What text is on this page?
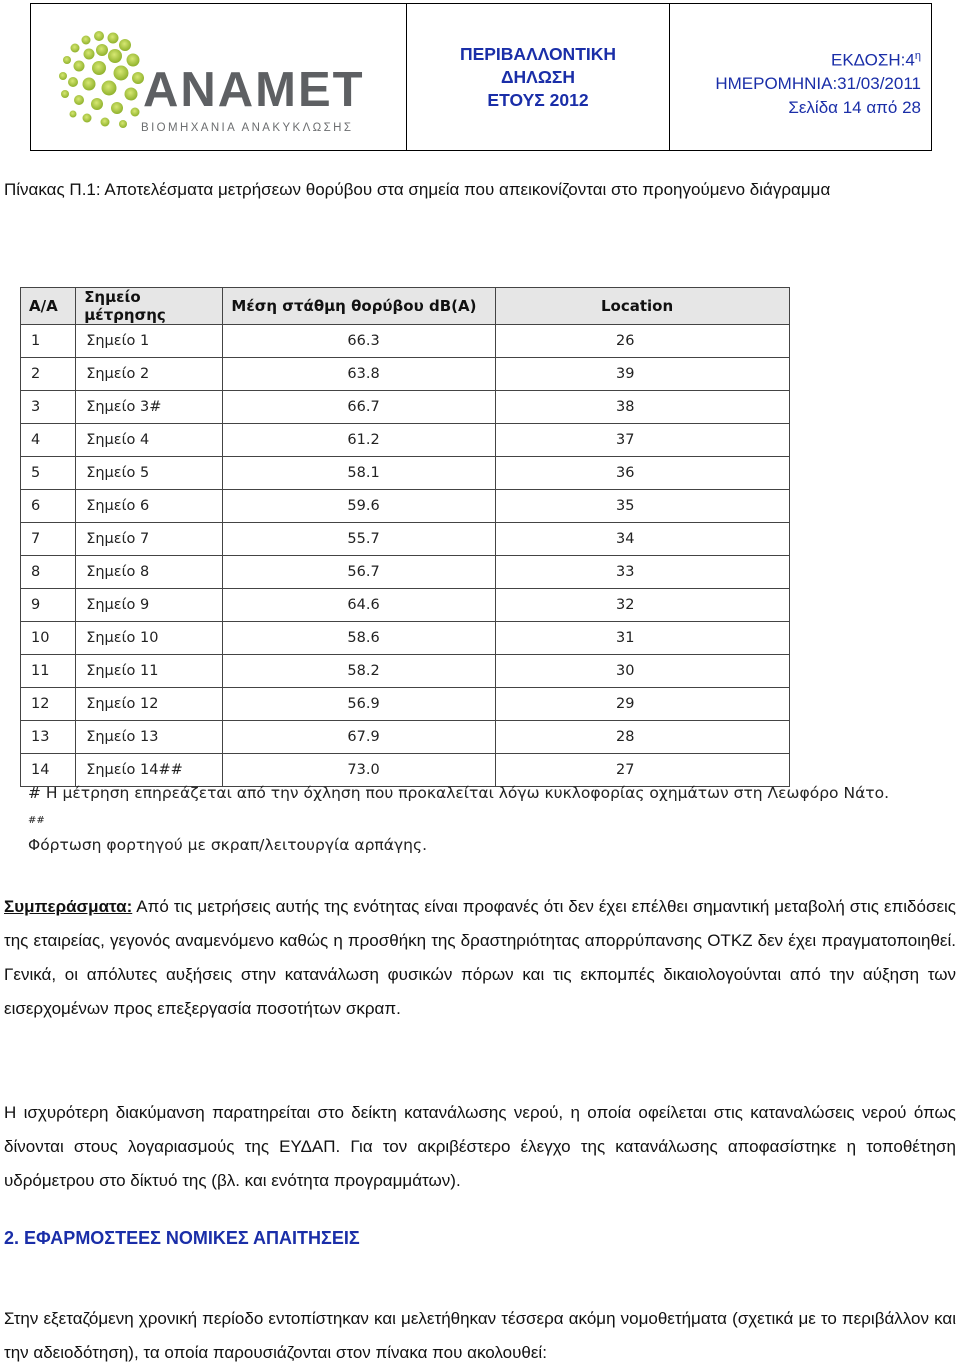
ANAMET
ΒΙΟΜΗΧΑΝΙΑ ΑΝΑΚΥΚΛΩΣΗΣ
ΠΕΡΙΒΑΛΛΟΝΤΙΚΗ
ΔΗΛΩΣΗ
ΕΤΟΥΣ 2012
$EK\Delta O\Sigma H:4^\eta$
ΗΜΕΡΟΜΗΝΙΑ:31/03/2011
Σελίδα 14 από 28
Πίνακας Π.1: Αποτελέσματα μετρήσεων θορύβου στα σημεία που απεικονίζονται στο προηγούμενο διάγραμμα
A/A	Σημείο μέτρησης	Μέση στάθμη θορύβου dB(A)	Location
1	Σημείο 1	66.3	26
2	Σημείο 2	63.8	39
3	Σημείο 3#	66.7	38
4	Σημείο 4	61.2	37
5	Σημείο 5	58.1	36
6	Σημείο 6	59.6	35
7	Σημείο 7	55.7	34
8	Σημείο 8	56.7	33
9	Σημείο 9	64.6	32
10	Σημείο 10	58.6	31
11	Σημείο 11	58.2	30
12	Σημείο 12	56.9	29
13	Σημείο 13	67.9	28
14	Σημείο 14##	73.0	27
# Η μέτρηση επηρεάζεται από την όχληση που προκαλείται λόγω κυκλοφορίας οχημάτων στη Λεωφόρο Νάτο.
##
Φόρτωση φορτηγού με σκραπ/λειτουργία αρπάγης.
Συμπεράσματα: Από τις μετρήσεις αυτής της ενότητας είναι προφανές ότι δεν έχει επέλθει σημαντική μεταβολή στις επιδόσεις της εταιρείας, γεγονός αναμενόμενο καθώς η προσθήκη της δραστηριότητας απορρύπανσης ΟΤΚΖ δεν έχει πραγματοποιηθεί. Γενικά, οι απόλυτες αυξήσεις στην κατανάλωση φυσικών πόρων και τις εκπομπές δικαιολογούνται από την αύξηση των εισερχομένων προς επεξεργασία ποσοτήτων σκραπ.
Η ισχυρότερη διακύμανση παρατηρείται στο δείκτη κατανάλωσης νερού, η οποία οφείλεται στις καταναλώσεις νερού όπως δίνονται στους λογαριασμούς της ΕΥΔΑΠ. Για τον ακριβέστερο έλεγχο της κατανάλωσης αποφασίστηκε η τοποθέτηση υδρόμετρου στο δίκτυό της (βλ. και ενότητα προγραμμάτων).
2. ΕΦΑΡΜΟΣΤΕΕΣ ΝΟΜΙΚΕΣ ΑΠΑΙΤΗΣΕΙΣ
Στην εξεταζόμενη χρονική περίοδο εντοπίστηκαν και μελετήθηκαν τέσσερα ακόμη νομοθετήματα (σχετικά με το περιβάλλον και την αδειοδότηση), τα οποία παρουσιάζονται στον πίνακα που ακολουθεί:
